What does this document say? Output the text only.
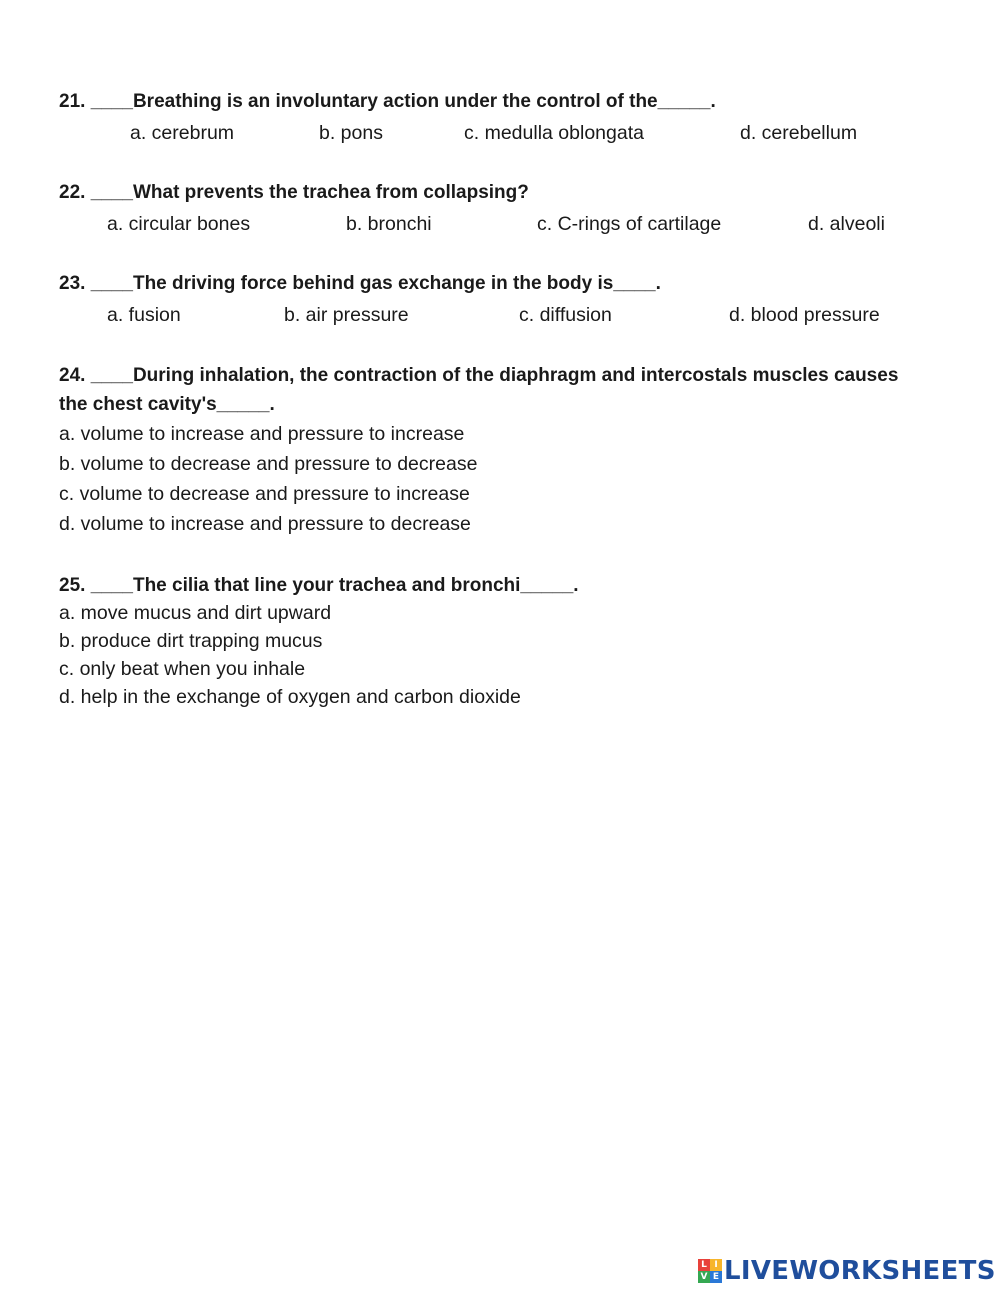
21. ____Breathing is an involuntary action under the control of the_____.
a. cerebrum	b. pons	c. medulla oblongata	d. cerebellum
22. ____What prevents the trachea from collapsing?
a. circular bones	b. bronchi	c. C-rings of cartilage	d. alveoli
23. ____The driving force behind gas exchange in the body is____.
a. fusion	b. air pressure	c. diffusion	d. blood pressure
24. ____During inhalation, the contraction of the diaphragm and intercostals muscles causes
the chest cavity's_____.
a. volume to increase and pressure to increase
b. volume to decrease and pressure to decrease
c. volume to decrease and pressure to increase
d. volume to increase and pressure to decrease
25. ____The cilia that line your trachea and bronchi_____.
a. move mucus and dirt upward
b. produce dirt trapping mucus
c. only beat when you inhale
d. help in the exchange of oxygen and carbon dioxide
L I
V E LIVEWORKSHEETS
